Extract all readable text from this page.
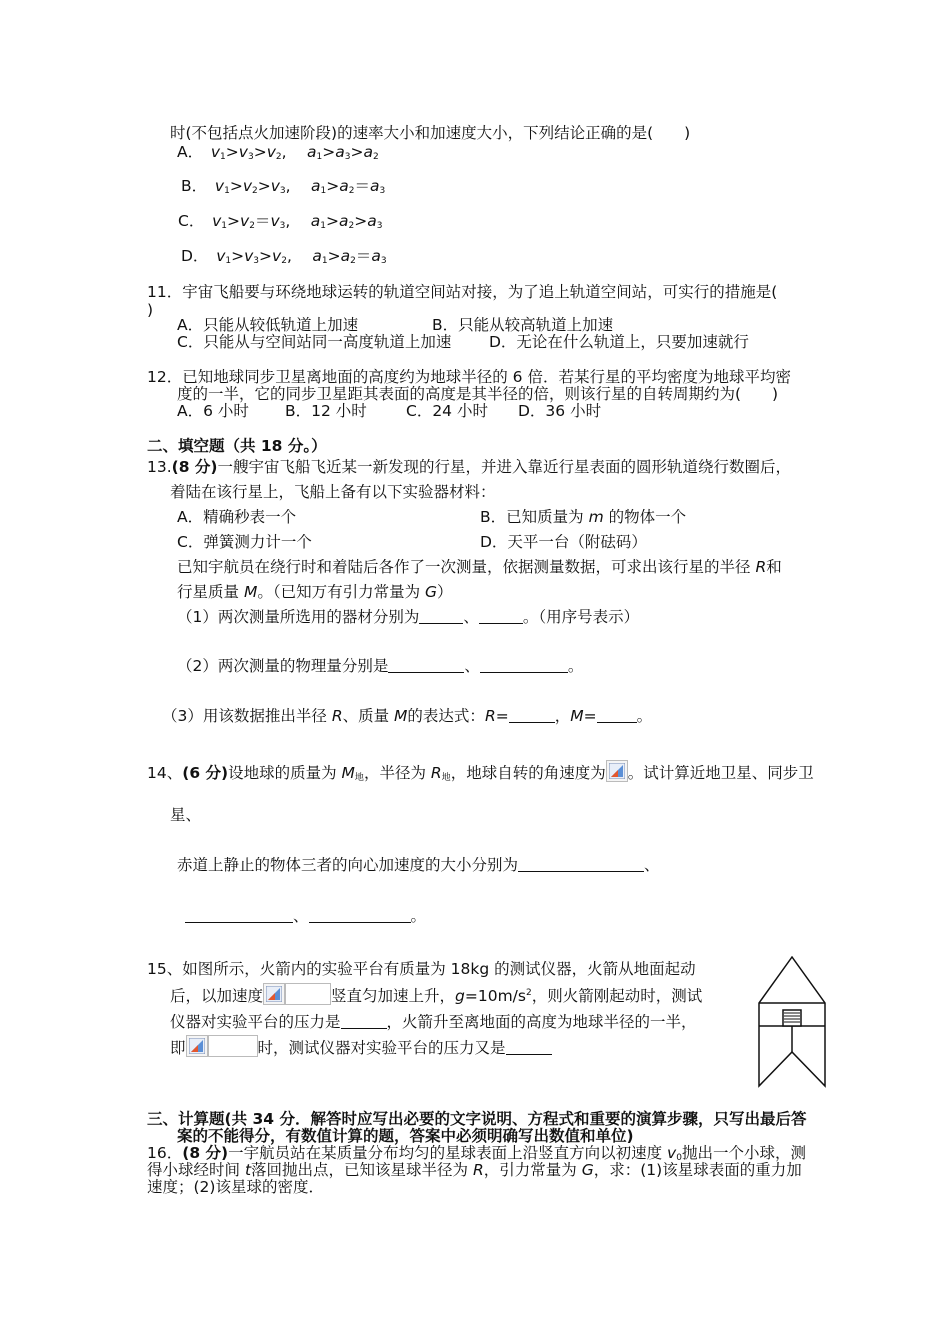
时(不包括点火加速阶段)的速率大小和加速度大小，下列结论正确的是(　　)
A．　$v_1>v_3>v_2$, 　$a_1>a_3>a_2$
B．　$v_1>v_2>v_3$, 　$a_1>a_2=a_3$
C．　$v_1>v_2=v_3$, 　$a_1>a_2>a_3$
D．　$v_1>v_3>v_2$, 　$a_1>a_2=a_3$
11．宇宙飞船要与环绕地球运转的轨道空间站对接，为了追上轨道空间站，可实行的措施是(
)
A．只能从较低轨道上加速	B．只能从较高轨道上加速
C．只能从与空间站同一高度轨道上加速 D．无论在什么轨道上，只要加速就行
12．已知地球同步卫星离地面的高度约为地球半径的 6 倍．若某行星的平均密度为地球平均密
度的一半，它的同步卫星距其表面的高度是其半径的倍，则该行星的自转周期约为(　　)
A．6 小时 B．12 小时	C．24 小时 D．36 小时
二、填空题（共 18 分。）
13.(8 分)一艘宇宙飞船飞近某一新发现的行星，并进入靠近行星表面的圆形轨道绕行数圈后，
着陆在该行星上，飞船上备有以下实验器材料：
A．精确秒表一个	B．已知质量为 m 的物体一个
C．弹簧测力计一个	D．天平一台（附砝码）
已知宇航员在绕行时和着陆后各作了一次测量，依据测量数据，可求出该行星的半径 R和
行星质量 M。（已知万有引力常量为 G）
（1）两次测量所选用的器材分别为	、	。（用序号表示）
（2）两次测量的物理量分别是	、	。
（3）用该数据推出半径 R、质量 M的表达式：R=	，M=	。
14、(6 分)设地球的质量为 $M_地$，半径为 $R_地$，地球自转的角速度为 。试计算近地卫星、同步卫
星、
赤道上静止的物体三者的向心加速度的大小分别为	、
、	。
15、如图所示，火箭内的实验平台有质量为 18kg 的测试仪器，火箭从地面起动
后，以加速度	竖直匀加速上升，$g=10m/s^2$，则火箭刚起动时，测试
仪器对实验平台的压力是	，火箭升至离地面的高度为地球半径的一半，
即	时，测试仪器对实验平台的压力又是
三、计算题(共 34 分．解答时应写出必要的文字说明、方程式和重要的演算步骤，只写出最后答
案的不能得分，有数值计算的题，答案中必须明确写出数值和单位)
16．(8 分)一宇航员站在某质量分布均匀的星球表面上沿竖直方向以初速度 $v_0$抛出一个小球，测
得小球经时间 t落回抛出点，已知该星球半径为 R，引力常量为 G，求：(1)该星球表面的重力加
速度；(2)该星球的密度．
